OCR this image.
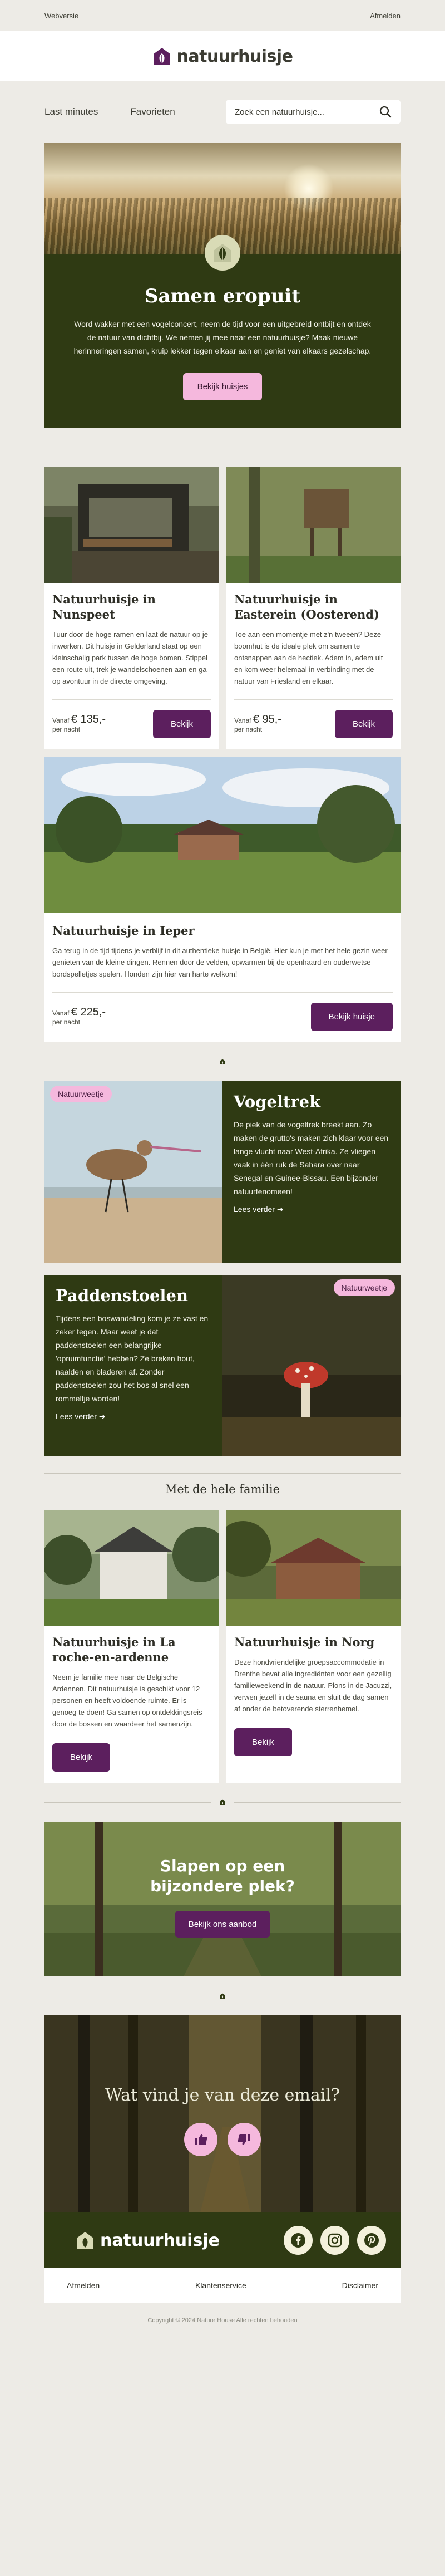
Webversie	Afmelden
natuurhuisje
Last minutes	Favorieten	Zoek een natuurhuisje...
Samen eropuit

Word wakker met een vogelconcert, neem de tijd voor een uitgebreid ontbijt en ontdek de natuur van dichtbij. We nemen jij mee naar een natuurhuisje? Maak nieuwe herinneringen samen, kruip lekker tegen elkaar aan en geniet van elkaars gezelschap.

Bekijk huisjes
Natuurhuisje in Nunspeet

Tuur door de hoge ramen en laat de natuur op je inwerken. Dit huisje in Gelderland staat op een kleinschalig park tussen de hoge bomen. Stippel een route uit, trek je wandelschoenen aan en ga op avontuur in de directe omgeving.

Vanaf € 135,-
per nacht
Bekijk
Natuurhuisje in Easterein (Oosterend)

Toe aan een momentje met z'n tweeën? Deze boomhut is de ideale plek om samen te ontsnappen aan de hectiek. Adem in, adem uit en kom weer helemaal in verbinding met de natuur van Friesland en elkaar.

Vanaf € 95,-
per nacht
Bekijk
Natuurhuisje in Ieper

Ga terug in de tijd tijdens je verblijf in dit authentieke huisje in België. Hier kun je met het hele gezin weer genieten van de kleine dingen. Rennen door de velden, opwarmen bij de openhaard en ouderwetse bordspelletjes spelen. Honden zijn hier van harte welkom!

Vanaf € 225,-
per nacht
Bekijk huisje
Natuurweetje	Vogeltrek

De piek van de vogeltrek breekt aan. Zo maken de grutto's maken zich klaar voor een lange vlucht naar West-Afrika. Ze vliegen vaak in één ruk de Sahara over naar Senegal en Guinee-Bissau. Een bijzonder natuurfenomeen!

Lees verder ➔
Paddenstoelen

Tijdens een boswandeling kom je ze vast en zeker tegen. Maar weet je dat paddenstoelen een belangrijke 'opruimfunctie' hebben? Ze breken hout, naalden en bladeren af. Zonder paddenstoelen zou het bos al snel een rommeltje worden!

Lees verder ➔
Natuurweetje
Met de hele familie
Natuurhuisje in La roche-en-ardenne

Neem je familie mee naar de Belgische Ardennen. Dit natuurhuisje is geschikt voor 12 personen en heeft voldoende ruimte. Er is genoeg te doen! Ga samen op ontdekkingsreis door de bossen en waardeer het samenzijn.

Bekijk
Natuurhuisje in Norg

Deze hondvriendelijke groepsaccommodatie in Drenthe bevat alle ingrediënten voor een gezellig familieweekend in de natuur. Plons in de Jacuzzi, verwen jezelf in de sauna en sluit de dag samen af onder de betoverende sterrenhemel.

Bekijk
Slapen op een bijzondere plek?
Bekijk ons aanbod
Wat vind je van deze email?
natuurhuisje
Afmelden	Klantenservice	Disclaimer
Copyright © 2024 Nature House Alle rechten behouden
